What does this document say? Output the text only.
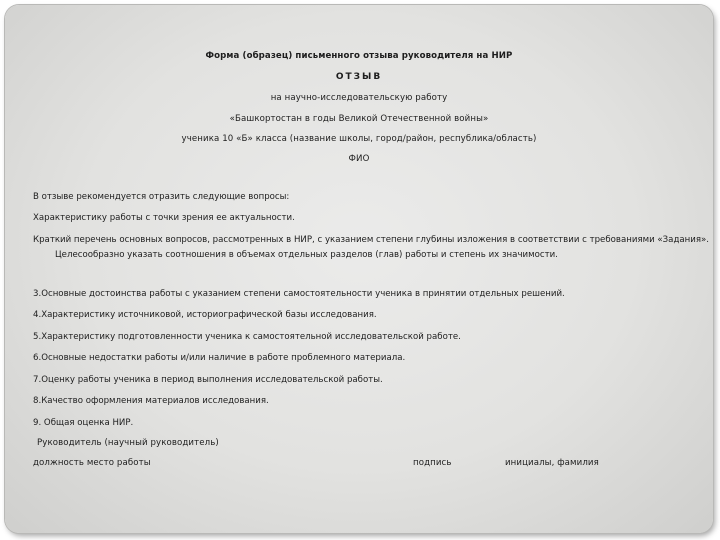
Форма (образец) письменного отзыва руководителя на НИР
ОТЗЫВ
на научно-исследовательскую работу
«Башкортостан в годы Великой Отечественной войны»
ученика 10 «Б» класса (название школы, город/район, республика/область)
ФИО
В отзыве рекомендуется отразить следующие вопросы:
Характеристику работы с точки зрения ее актуальности.
Краткий перечень основных вопросов, рассмотренных в НИР, с указанием степени глубины изложения в соответствии с требованиями «Задания». Целесообразно указать соотношения в объемах отдельных разделов (глав) работы и степень их значимости.
3.Основные достоинства работы с указанием степени самостоятельности ученика в принятии отдельных решений.
4.Характеристику источниковой, историографической базы исследования.
5.Характеристику подготовленности ученика к самостоятельной исследовательской работе.
6.Основные недостатки работы и/или наличие в работе проблемного материала.
7.Оценку работы ученика в период выполнения исследовательской работы.
8.Качество оформления материалов исследования.
9. Общая оценка НИР.
Руководитель (научный руководитель)
должность место работы	подпись	инициалы, фамилия
